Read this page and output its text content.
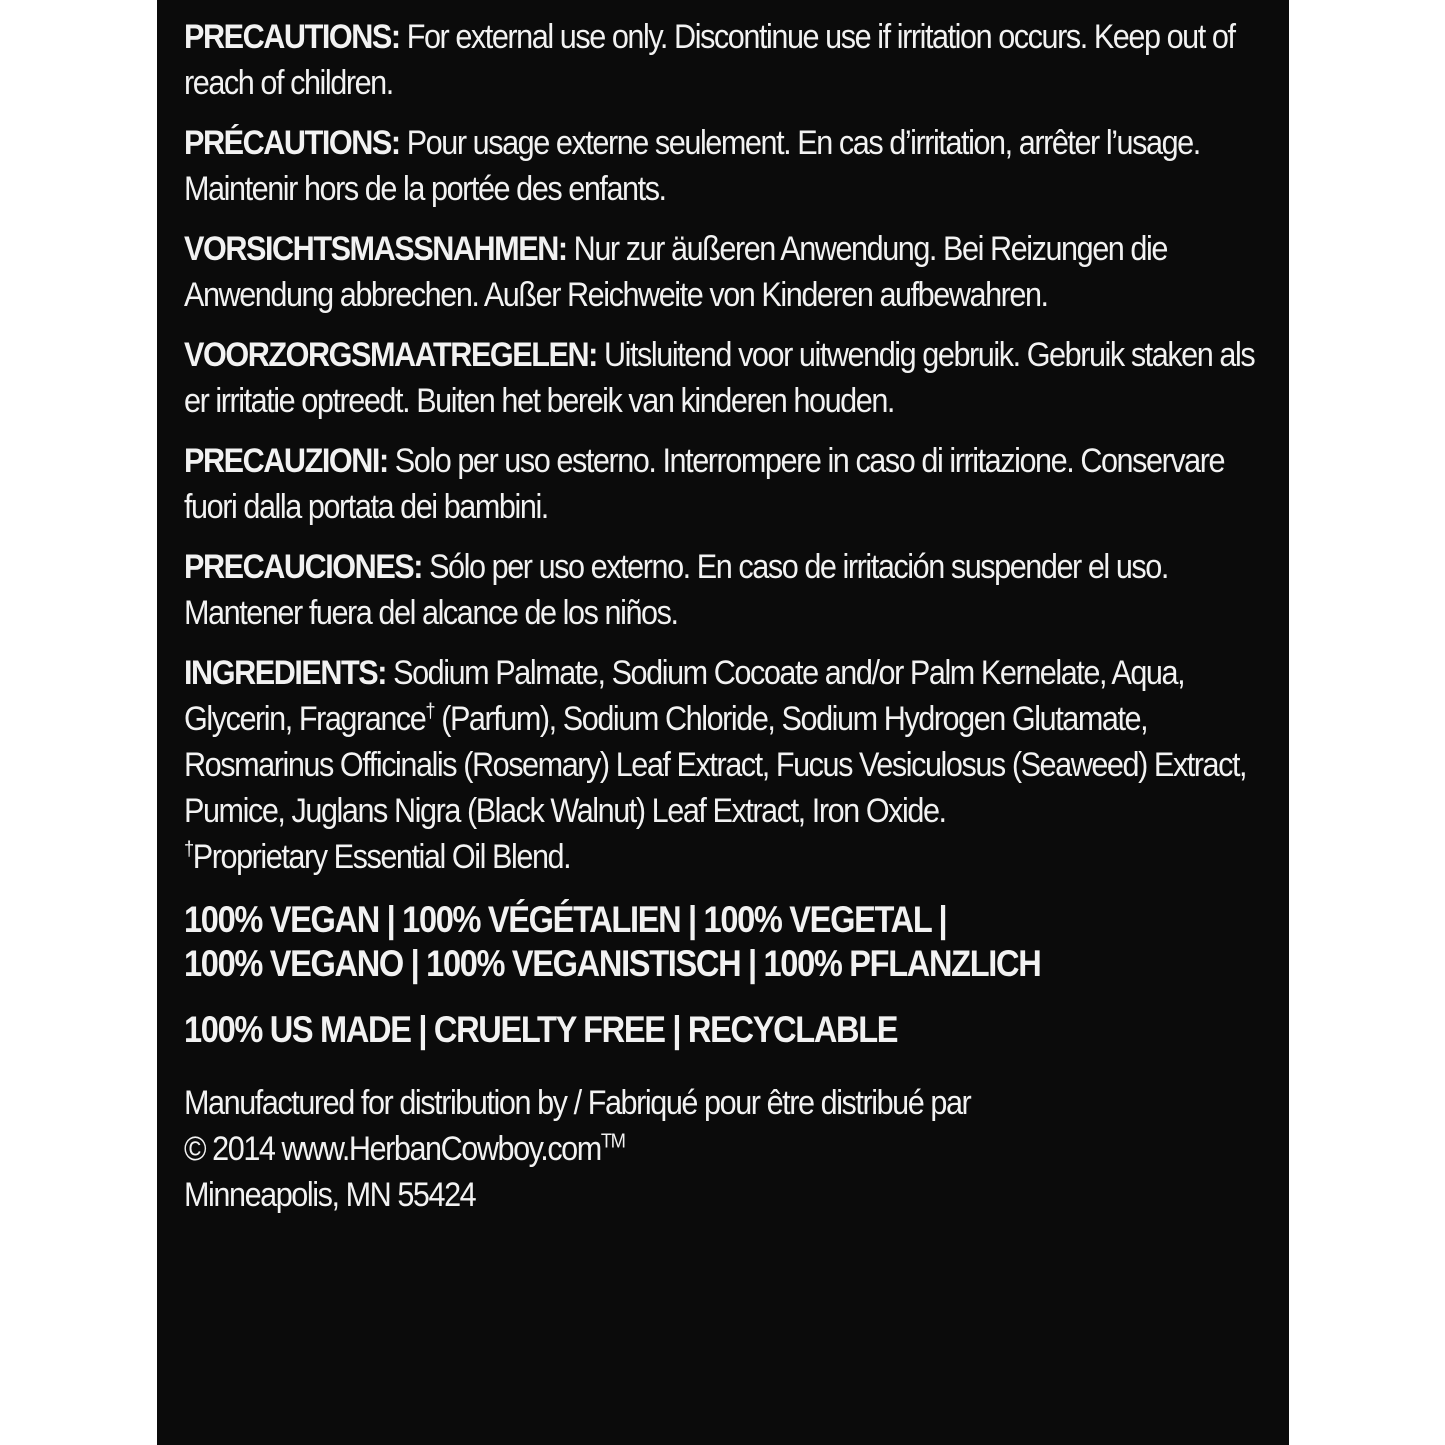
PRECAUTIONS: For external use only. Discontinue use if irritation occurs. Keep out of reach of children.
PRÉCAUTIONS: Pour usage externe seulement. En cas d’irritation, arrêter l’usage. Maintenir hors de la portée des enfants.
VORSICHTSMASSNAHMEN: Nur zur äußeren Anwendung. Bei Reizungen die Anwendung abbrechen. Außer Reichweite von Kinderen aufbewahren.
VOORZORGSMAATREGELEN: Uitsluitend voor uitwendig gebruik. Gebruik staken als er irritatie optreedt. Buiten het bereik van kinderen houden.
PRECAUZIONI: Solo per uso esterno. Interrompere in caso di irritazione. Conservare fuori dalla portata dei bambini.
PRECAUCIONES: Sólo per uso externo. En caso de irritación suspender el uso. Mantener fuera del alcance de los niños.
INGREDIENTS: Sodium Palmate, Sodium Cocoate and/or Palm Kernelate, Aqua, Glycerin, Fragrance† (Parfum), Sodium Chloride, Sodium Hydrogen Glutamate, Rosmarinus Officinalis (Rosemary) Leaf Extract, Fucus Vesiculosus (Seaweed) Extract, Pumice, Juglans Nigra (Black Walnut) Leaf Extract, Iron Oxide.
†Proprietary Essential Oil Blend.
100% VEGAN | 100% VÉGÉTALIEN | 100% VEGETAL |
100% VEGANO | 100% VEGANISTISCH | 100% PFLANZLICH
100% US MADE | CRUELTY FREE | RECYCLABLE
Manufactured for distribution by / Fabriqué pour être distribué par
© 2014 www.HerbanCowboy.com™
Minneapolis, MN 55424
